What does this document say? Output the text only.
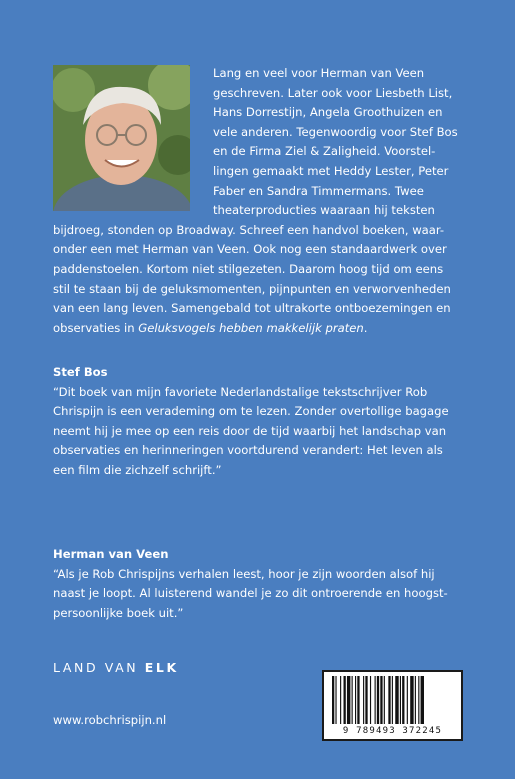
Lang en veel voor Herman van Veen
geschreven. Later ook voor Liesbeth List,
Hans Dorrestijn, Angela Groothuizen en
vele anderen. Tegenwoordig voor Stef Bos
en de Firma Ziel & Zaligheid. Voorstel-
lingen gemaakt met Heddy Lester, Peter
Faber en Sandra Timmermans. Twee
theaterproducties waaraan hij teksten
bijdroeg, stonden op Broadway. Schreef een handvol boeken, waar-
onder een met Herman van Veen. Ook nog een standaardwerk over
paddenstoelen. Kortom niet stilgezeten. Daarom hoog tijd om eens
stil te staan bij de geluksmomenten, pijnpunten en verworvenheden
van een lang leven. Samengebald tot ultrakorte ontboezemingen en
observaties in Geluksvogels hebben makkelijk praten.

Stef Bos

“Dit boek van mijn favoriete Nederlandstalige tekstschrijver Rob
Chrispijn is een verademing om te lezen. Zonder overtollige bagage
neemt hij je mee op een reis door de tijd waarbij het landschap van
observaties en herinneringen voortdurend verandert: Het leven als
een film die zichzelf schrijft.”

Herman van Veen

“Als je Rob Chrispijns verhalen leest, hoor je zijn woorden alsof hij
naast je loopt. Al luisterend wandel je zo dit ontroerende en hoogst-
persoonlijke boek uit.”

LAND VAN ELK
www.robchrispijn.nl
9 789493 372245
